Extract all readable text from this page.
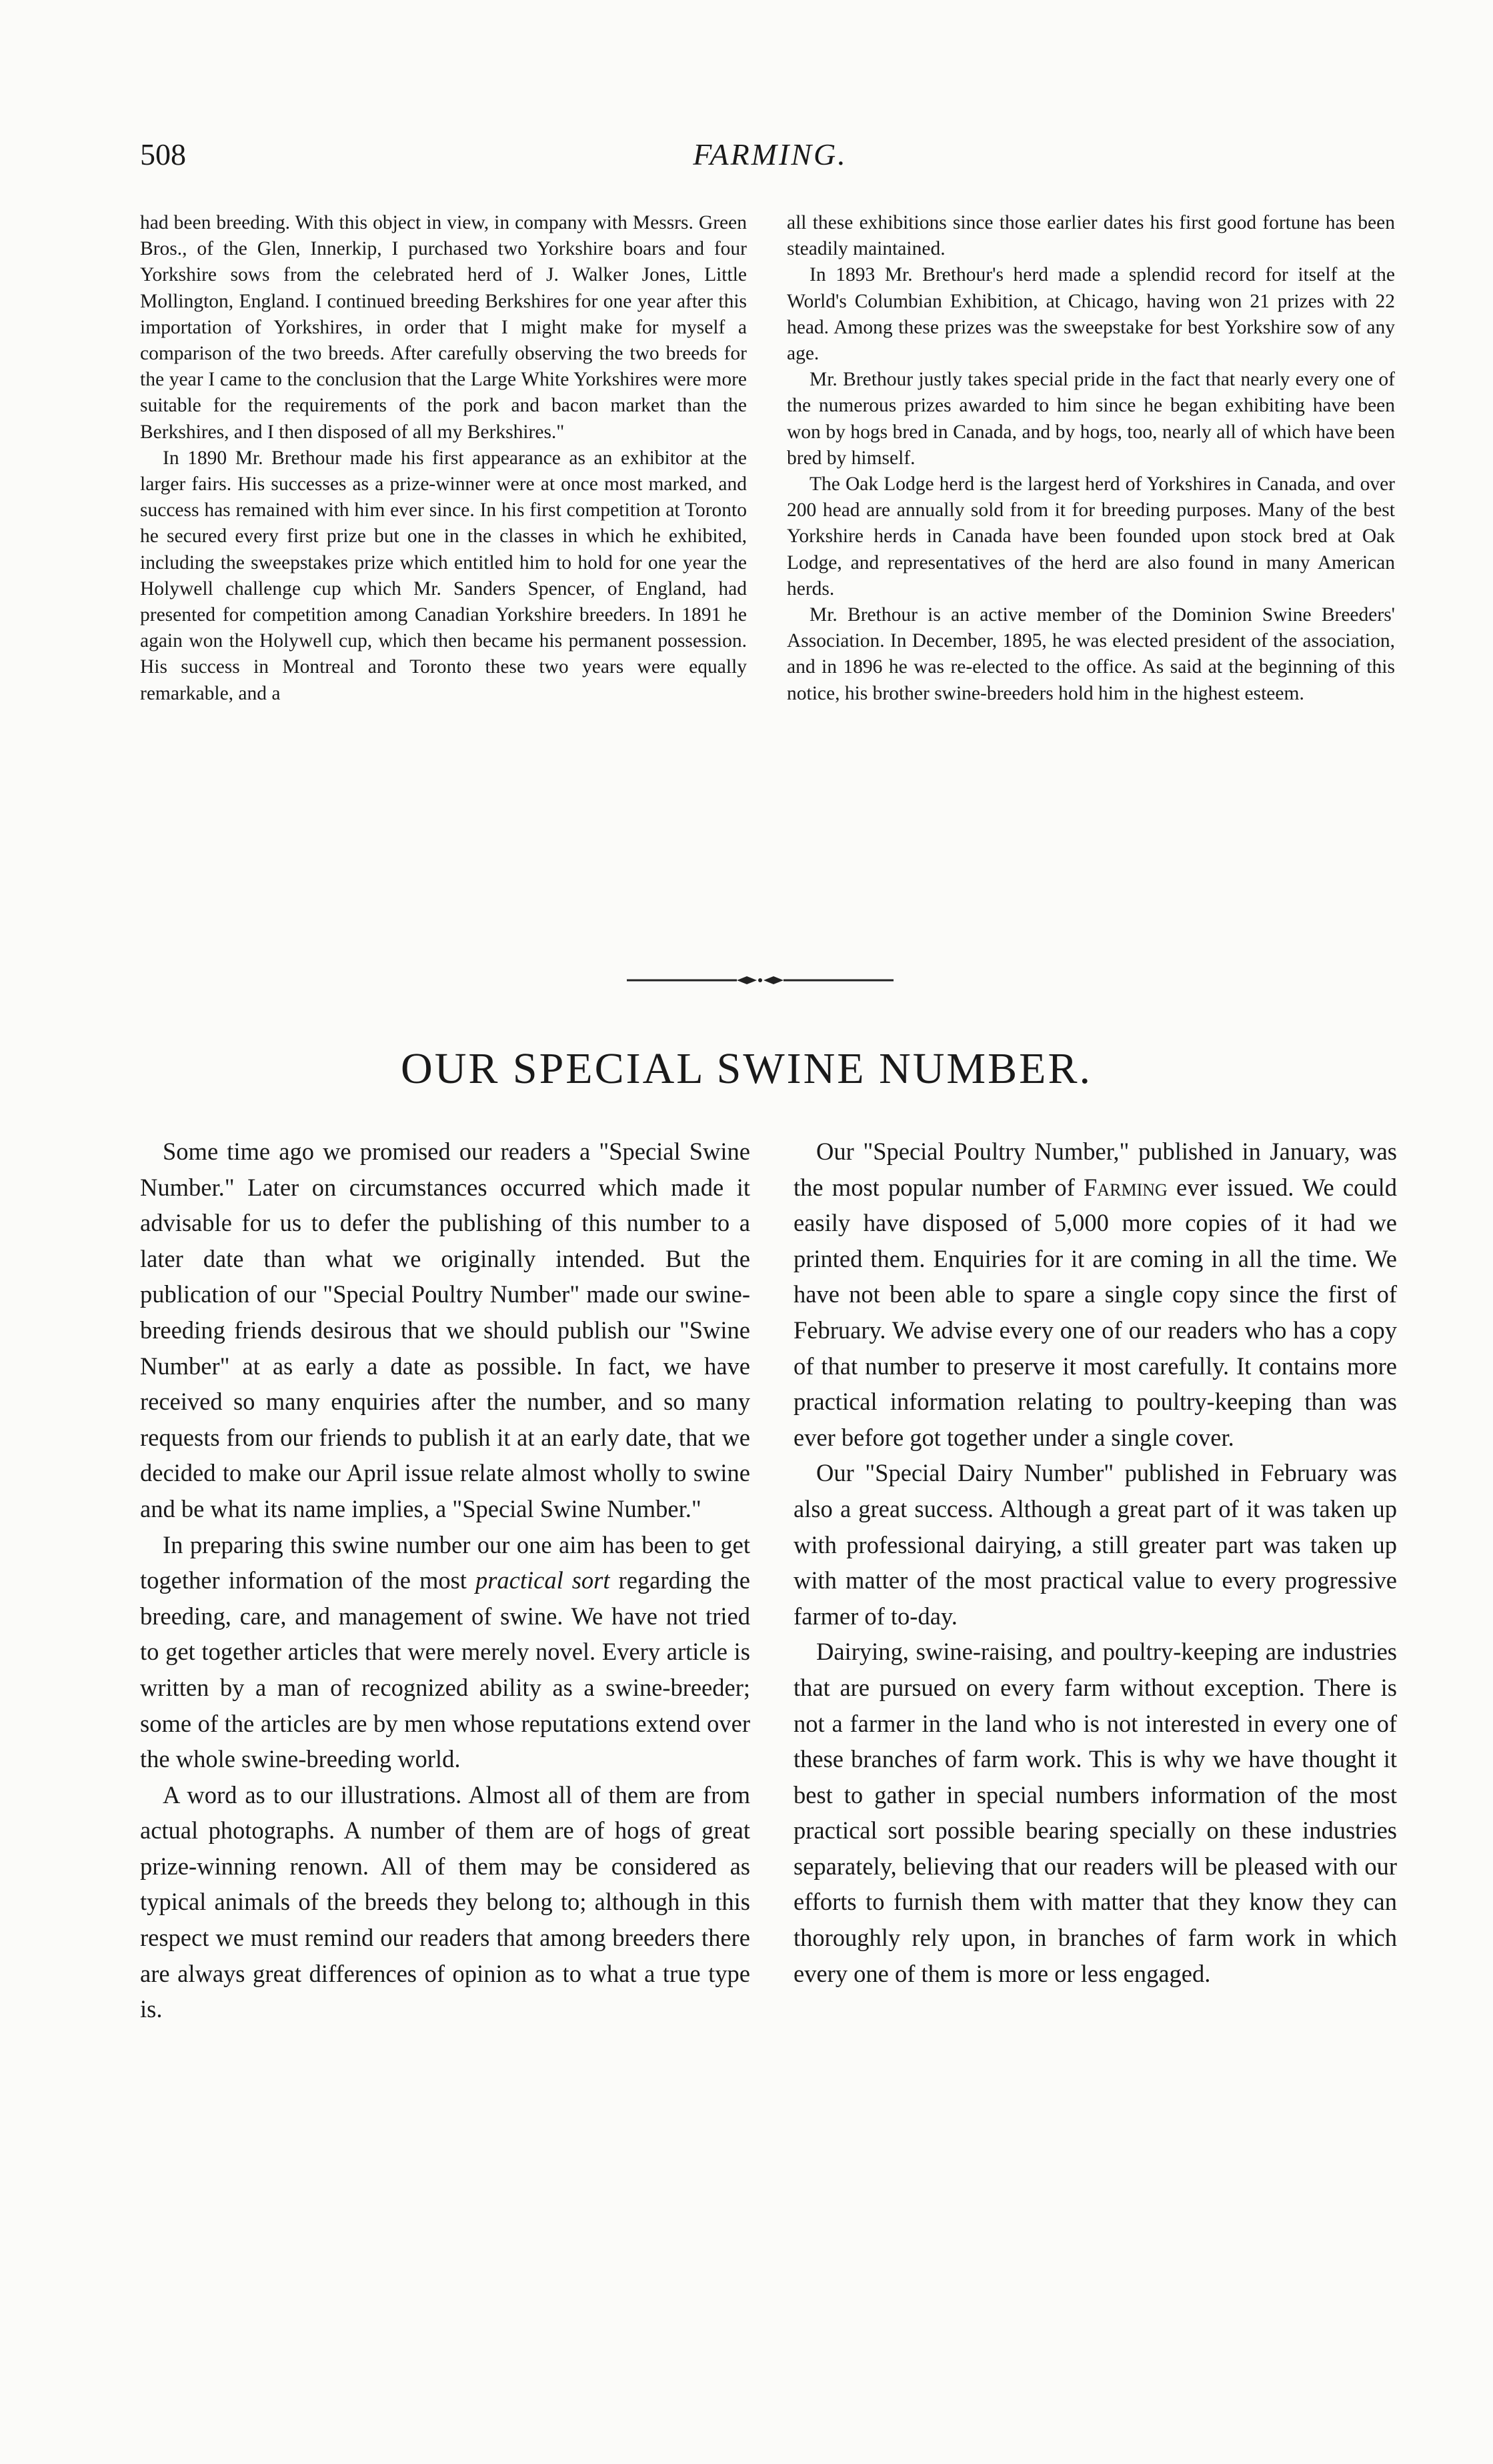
508	FARMING.

had been breeding. With this object in view, in company with Messrs. Green Bros., of the Glen, Innerkip, I purchased two Yorkshire boars and four Yorkshire sows from the celebrated herd of J. Walker Jones, Little Mollington, England. I continued breeding Berkshires for one year after this importation of Yorkshires, in order that I might make for myself a comparison of the two breeds. After carefully observing the two breeds for the year I came to the conclusion that the Large White Yorkshires were more suitable for the requirements of the pork and bacon market than the Berkshires, and I then disposed of all my Berkshires."

In 1890 Mr. Brethour made his first appearance as an exhibitor at the larger fairs. His successes as a prize-winner were at once most marked, and success has remained with him ever since. In his first competition at Toronto he secured every first prize but one in the classes in which he exhibited, including the sweepstakes prize which entitled him to hold for one year the Holywell challenge cup which Mr. Sanders Spencer, of England, had presented for competition among Canadian Yorkshire breeders. In 1891 he again won the Holywell cup, which then became his permanent possession. His success in Montreal and Toronto these two years were equally remarkable, and a

all these exhibitions since those earlier dates his first good fortune has been steadily maintained.

In 1893 Mr. Brethour's herd made a splendid record for itself at the World's Columbian Exhibition, at Chicago, having won 21 prizes with 22 head. Among these prizes was the sweepstake for best Yorkshire sow of any age.

Mr. Brethour justly takes special pride in the fact that nearly every one of the numerous prizes awarded to him since he began exhibiting have been won by hogs bred in Canada, and by hogs, too, nearly all of which have been bred by himself.

The Oak Lodge herd is the largest herd of Yorkshires in Canada, and over 200 head are annually sold from it for breeding purposes. Many of the best Yorkshire herds in Canada have been founded upon stock bred at Oak Lodge, and representatives of the herd are also found in many American herds.

Mr. Brethour is an active member of the Dominion Swine Breeders' Association. In December, 1895, he was elected president of the association, and in 1896 he was re-elected to the office. As said at the beginning of this notice, his brother swine-breeders hold him in the highest esteem.

OUR SPECIAL SWINE NUMBER.

Some time ago we promised our readers a "Special Swine Number." Later on circumstances occurred which made it advisable for us to defer the publishing of this number to a later date than what we originally intended. But the publication of our "Special Poultry Number" made our swine-breeding friends desirous that we should publish our "Swine Number" at as early a date as possible. In fact, we have received so many enquiries after the number, and so many requests from our friends to publish it at an early date, that we decided to make our April issue relate almost wholly to swine and be what its name implies, a "Special Swine Number."

In preparing this swine number our one aim has been to get together information of the most practical sort regarding the breeding, care, and management of swine. We have not tried to get together articles that were merely novel. Every article is written by a man of recognized ability as a swine-breeder; some of the articles are by men whose reputations extend over the whole swine-breeding world.

A word as to our illustrations. Almost all of them are from actual photographs. A number of them are of hogs of great prize-winning renown. All of them may be considered as typical animals of the breeds they belong to; although in this respect we must remind our readers that among breeders there are always great differences of opinion as to what a true type is.

Our "Special Poultry Number," published in January, was the most popular number of Farming ever issued. We could easily have disposed of 5,000 more copies of it had we printed them. Enquiries for it are coming in all the time. We have not been able to spare a single copy since the first of February. We advise every one of our readers who has a copy of that number to preserve it most carefully. It contains more practical information relating to poultry-keeping than was ever before got together under a single cover.

Our "Special Dairy Number" published in February was also a great success. Although a great part of it was taken up with professional dairying, a still greater part was taken up with matter of the most practical value to every progressive farmer of to-day.

Dairying, swine-raising, and poultry-keeping are industries that are pursued on every farm without exception. There is not a farmer in the land who is not interested in every one of these branches of farm work. This is why we have thought it best to gather in special numbers information of the most practical sort possible bearing specially on these industries separately, believing that our readers will be pleased with our efforts to furnish them with matter that they know they can thoroughly rely upon, in branches of farm work in which every one of them is more or less engaged.
